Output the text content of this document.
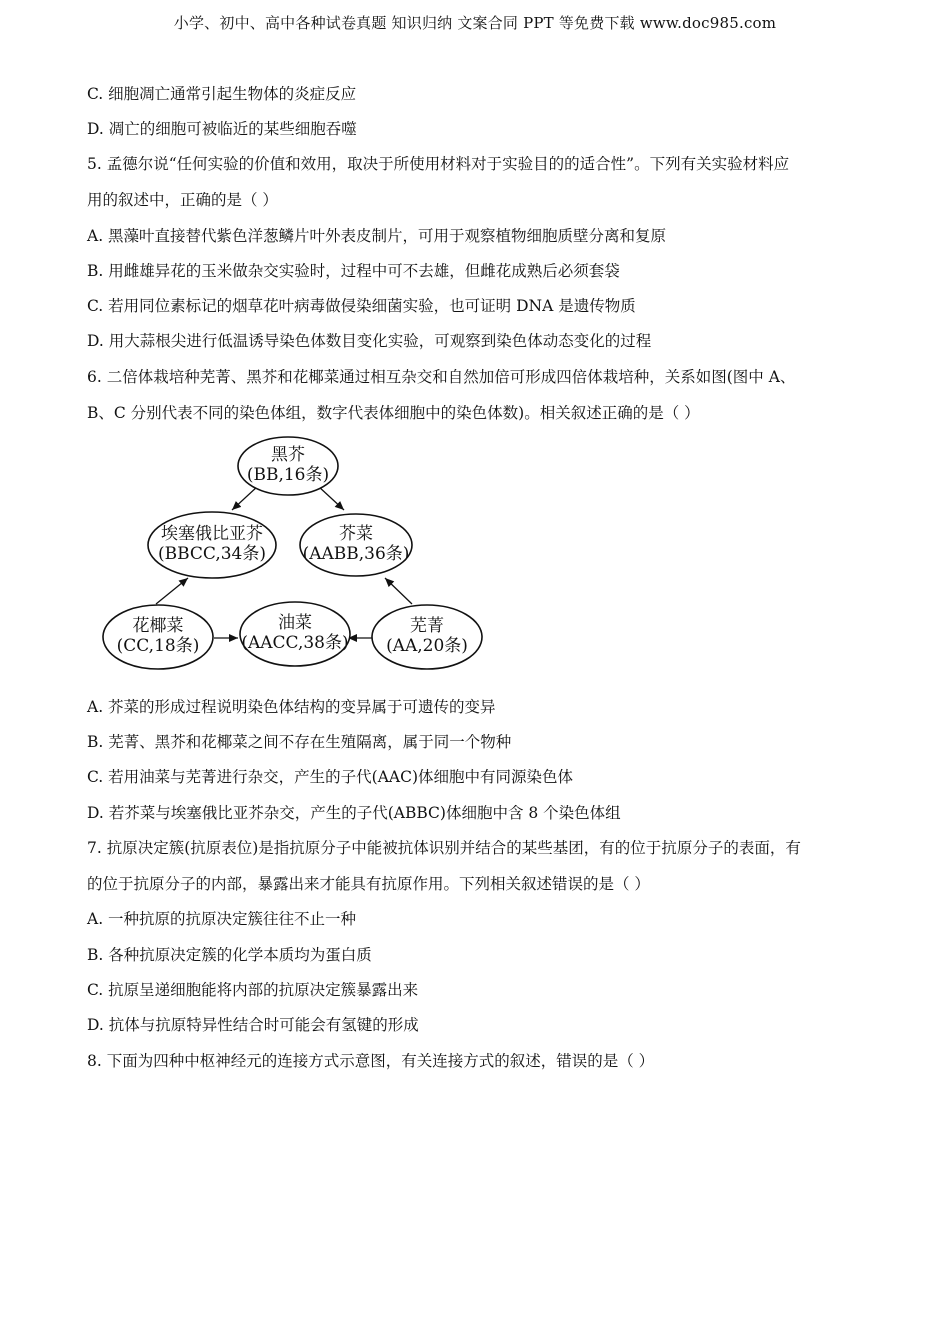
小学、初中、高中各种试卷真题 知识归纳 文案合同 PPT 等免费下载 www.doc985.com
C. 细胞凋亡通常引起生物体的炎症反应
D. 凋亡的细胞可被临近的某些细胞吞噬
5. 孟德尔说“任何实验的价值和效用，取决于所使用材料对于实验目的的适合性”。下列有关实验材料应
用的叙述中，正确的是（ ）
A. 黑藻叶直接替代紫色洋葱鳞片叶外表皮制片，可用于观察植物细胞质壁分离和复原
B. 用雌雄异花的玉米做杂交实验时，过程中可不去雄，但雌花成熟后必须套袋
C. 若用同位素标记的烟草花叶病毒做侵染细菌实验，也可证明 DNA 是遗传物质
D. 用大蒜根尖进行低温诱导染色体数目变化实验，可观察到染色体动态变化的过程
6. 二倍体栽培种芜菁、黑芥和花椰菜通过相互杂交和自然加倍可形成四倍体栽培种，关系如图(图中 A、
B、C 分别代表不同的染色体组，数字代表体细胞中的染色体数)。相关叙述正确的是（ ）
黑芥
(BB,16条)
埃塞俄比亚芥
(BBCC,34条)
芥菜
(AABB,36条)
花椰菜
(CC,18条)
油菜
(AACC,38条)
芜菁
(AA,20条)
A. 芥菜的形成过程说明染色体结构的变异属于可遗传的变异
B. 芜菁、黑芥和花椰菜之间不存在生殖隔离，属于同一个物种
C. 若用油菜与芜菁进行杂交，产生的子代(AAC)体细胞中有同源染色体
D. 若芥菜与埃塞俄比亚芥杂交，产生的子代(ABBC)体细胞中含 8 个染色体组
7. 抗原决定簇(抗原表位)是指抗原分子中能被抗体识别并结合的某些基团，有的位于抗原分子的表面，有
的位于抗原分子的内部，暴露出来才能具有抗原作用。下列相关叙述错误的是（ ）
A. 一种抗原的抗原决定簇往往不止一种
B. 各种抗原决定簇的化学本质均为蛋白质
C. 抗原呈递细胞能将内部的抗原决定簇暴露出来
D. 抗体与抗原特异性结合时可能会有氢键的形成
8. 下面为四种中枢神经元的连接方式示意图，有关连接方式的叙述，错误的是（ ）
